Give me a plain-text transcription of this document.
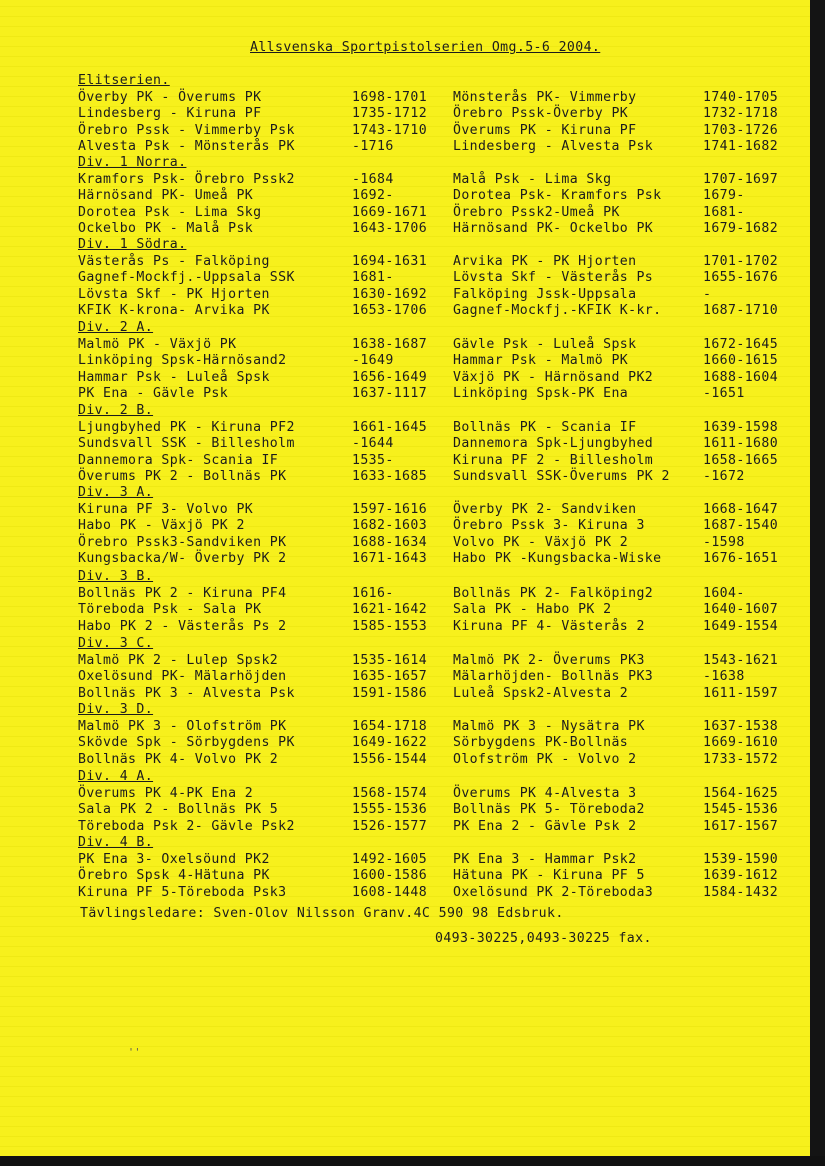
Allsvenska Sportpistolserien Omg.5-6 2004.
Elitserien.
Överby PK - Överums PK	1698-1701 Mönsterås PK- Vimmerby	1740-1705
Lindesberg - Kiruna PF	1735-1712 Örebro Pssk-Överby PK	1732-1718
Örebro Pssk - Vimmerby Psk	1743-1710 Överums PK - Kiruna PF	1703-1726
Alvesta Psk - Mönsterås PK	-1716	Lindesberg - Alvesta Psk	1741-1682
Div. 1 Norra.
Kramfors Psk- Örebro Pssk2	-1684	Malå Psk - Lima Skg	1707-1697
Härnösand PK- Umeå PK	1692-	Dorotea Psk- Kramfors Psk	1679-
Dorotea Psk - Lima Skg	1669-1671 Örebro Pssk2-Umeå PK	1681-
Ockelbo PK - Malå Psk	1643-1706 Härnösand PK- Ockelbo PK	1679-1682
Div. 1 Södra.
Västerås Ps - Falköping	1694-1631 Arvika PK - PK Hjorten	1701-1702
Gagnef-Mockfj.-Uppsala SSK	1681-	Lövsta Skf - Västerås Ps	1655-1676
Lövsta Skf - PK Hjorten	1630-1692 Falköping Jssk-Uppsala	-
KFIK K-krona- Arvika PK	1653-1706 Gagnef-Mockfj.-KFIK K-kr.	1687-1710
Div. 2 A.
Malmö PK - Växjö PK	1638-1687 Gävle Psk - Luleå Spsk	1672-1645
Linköping Spsk-Härnösand2	-1649	Hammar Psk - Malmö PK	1660-1615
Hammar Psk - Luleå Spsk	1656-1649 Växjö PK - Härnösand PK2	1688-1604
PK Ena - Gävle Psk	1637-1117 Linköping Spsk-PK Ena	-1651
Div. 2 B.
Ljungbyhed PK - Kiruna PF2	1661-1645 Bollnäs PK - Scania IF	1639-1598
Sundsvall SSK - Billesholm	-1644	Dannemora Spk-Ljungbyhed	1611-1680
Dannemora Spk- Scania IF	1535-	Kiruna PF 2 - Billesholm	1658-1665
Överums PK 2 - Bollnäs PK	1633-1685 Sundsvall SSK-Överums PK 2	-1672
Div. 3 A.
Kiruna PF 3- Volvo PK	1597-1616 Överby PK 2- Sandviken	1668-1647
Habo PK - Växjö PK 2	1682-1603 Örebro Pssk 3- Kiruna 3	1687-1540
Örebro Pssk3-Sandviken PK	1688-1634 Volvo PK - Växjö PK 2	-1598
Kungsbacka/W- Överby PK 2	1671-1643 Habo PK -Kungsbacka-Wiske	1676-1651
Div. 3 B.
Bollnäs PK 2 - Kiruna PF4	1616-	Bollnäs PK 2- Falköping2	1604-
Töreboda Psk - Sala PK	1621-1642 Sala PK - Habo PK 2	1640-1607
Habo PK 2 - Västerås Ps 2	1585-1553 Kiruna PF 4- Västerås 2	1649-1554
Div. 3 C.
Malmö PK 2 - Lulep Spsk2	1535-1614 Malmö PK 2- Överums PK3	1543-1621
Oxelösund PK- Mälarhöjden	1635-1657 Mälarhöjden- Bollnäs PK3	-1638
Bollnäs PK 3 - Alvesta Psk	1591-1586 Luleå Spsk2-Alvesta 2	1611-1597
Div. 3 D.
Malmö PK 3 - Olofström PK	1654-1718 Malmö PK 3 - Nysätra PK	1637-1538
Skövde Spk - Sörbygdens PK	1649-1622 Sörbygdens PK-Bollnäs	1669-1610
Bollnäs PK 4- Volvo PK 2	1556-1544 Olofström PK - Volvo 2	1733-1572
Div. 4 A.
Överums PK 4-PK Ena 2	1568-1574 Överums PK 4-Alvesta 3	1564-1625
Sala PK 2 - Bollnäs PK 5	1555-1536 Bollnäs PK 5- Töreboda2	1545-1536
Töreboda Psk 2- Gävle Psk2	1526-1577 PK Ena 2 - Gävle Psk 2	1617-1567
Div. 4 B.
PK Ena 3- Oxelsöund PK2	1492-1605 PK Ena 3 - Hammar Psk2	1539-1590
Örebro Spsk 4-Hätuna PK	1600-1586 Hätuna PK - Kiruna PF 5	1639-1612
Kiruna PF 5-Töreboda Psk3	1608-1448 Oxelösund PK 2-Töreboda3	1584-1432
Tävlingsledare: Sven-Olov Nilsson Granv.4C 590 98 Edsbruk.
0493-30225,0493-30225 fax.
''
